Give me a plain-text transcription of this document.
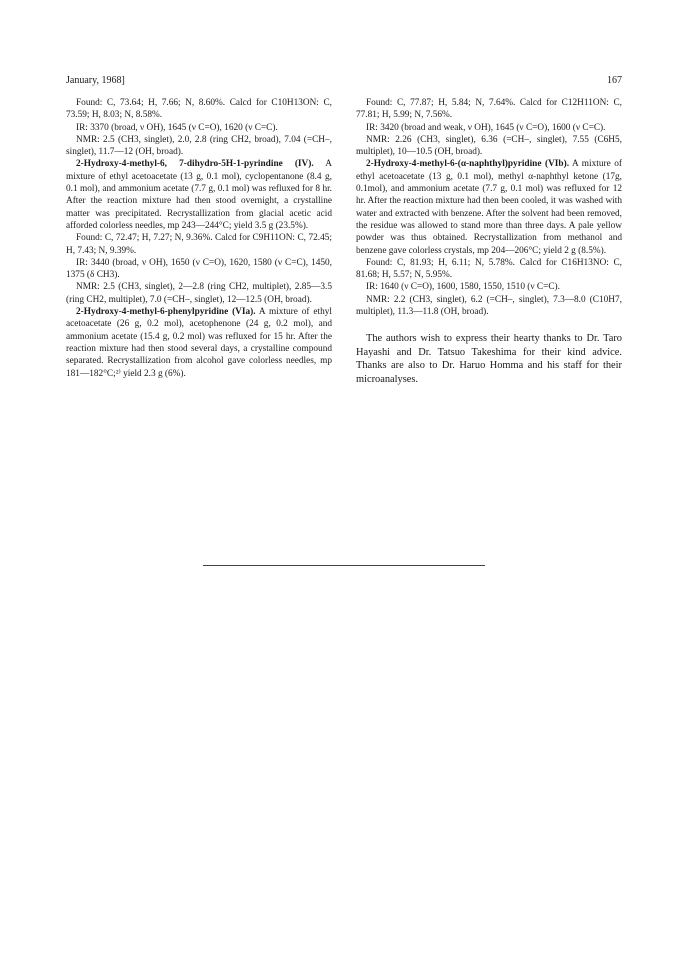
January, 1968]	167

Found: C, 73.64; H, 7.66; N, 8.60%. Calcd for C10H13ON: C, 73.59; H, 8.03; N, 8.58%.

IR: 3370 (broad, ν OH), 1645 (ν C=O), 1620 (ν C=C).

NMR: 2.5 (CH3, singlet), 2.0, 2.8 (ring CH2, broad), 7.04 (=CH–, singlet), 11.7—12 (OH, broad).

2-Hydroxy-4-methyl-6, 7-dihydro-5H-1-pyrindine (IV). A mixture of ethyl acetoacetate (13 g, 0.1 mol), cyclopentanone (8.4 g, 0.1 mol), and ammonium acetate (7.7 g, 0.1 mol) was refluxed for 8 hr. After the reaction mixture had then stood overnight, a crystalline matter was precipitated. Recrystallization from glacial acetic acid afforded colorless needles, mp 243—244°C; yield 3.5 g (23.5%).

Found: C, 72.47; H, 7.27; N, 9.36%. Calcd for C9H11ON: C, 72.45; H, 7.43; N, 9.39%.

IR: 3440 (broad, ν OH), 1650 (ν C=O), 1620, 1580 (ν C=C), 1450, 1375 (δ CH3).

NMR: 2.5 (CH3, singlet), 2—2.8 (ring CH2, multiplet), 2.85—3.5 (ring CH2, multiplet), 7.0 (=CH–, singlet), 12—12.5 (OH, broad).

2-Hydroxy-4-methyl-6-phenylpyridine (VIa). A mixture of ethyl acetoacetate (26 g, 0.2 mol), acetophenone (24 g, 0.2 mol), and ammonium acetate (15.4 g, 0.2 mol) was refluxed for 15 hr. After the reaction mixture had then stood several days, a crystalline compound separated. Recrystallization from alcohol gave colorless needles, mp 181—182°C;²⁾ yield 2.3 g (6%).

Found: C, 77.87; H, 5.84; N, 7.64%. Calcd for C12H11ON: C, 77.81; H, 5.99; N, 7.56%.

IR: 3420 (broad and weak, ν OH), 1645 (ν C=O), 1600 (ν C=C).

NMR: 2.26 (CH3, singlet), 6.36 (=CH–, singlet), 7.55 (C6H5, multiplet), 10—10.5 (OH, broad).

2-Hydroxy-4-methyl-6-(α-naphthyl)pyridine (VIb). A mixture of ethyl acetoacetate (13 g, 0.1 mol), methyl α-naphthyl ketone (17g, 0.1mol), and ammonium acetate (7.7 g, 0.1 mol) was refluxed for 12 hr. After the reaction mixture had then been cooled, it was washed with water and extracted with benzene. After the solvent had been removed, the residue was allowed to stand more than three days. A pale yellow powder was thus obtained. Recrystallization from methanol and benzene gave colorless crystals, mp 204—206°C; yield 2 g (8.5%).

Found: C, 81.93; H, 6.11; N, 5.78%. Calcd for C16H13NO: C, 81.68; H, 5.57; N, 5.95%.

IR: 1640 (ν C=O), 1600, 1580, 1550, 1510 (ν C=C).

NMR: 2.2 (CH3, singlet), 6.2 (=CH–, singlet), 7.3—8.0 (C10H7, multiplet), 11.3—11.8 (OH, broad).

The authors wish to express their hearty thanks to Dr. Taro Hayashi and Dr. Tatsuo Takeshima for their kind advice. Thanks are also to Dr. Haruo Homma and his staff for their microanalyses.
